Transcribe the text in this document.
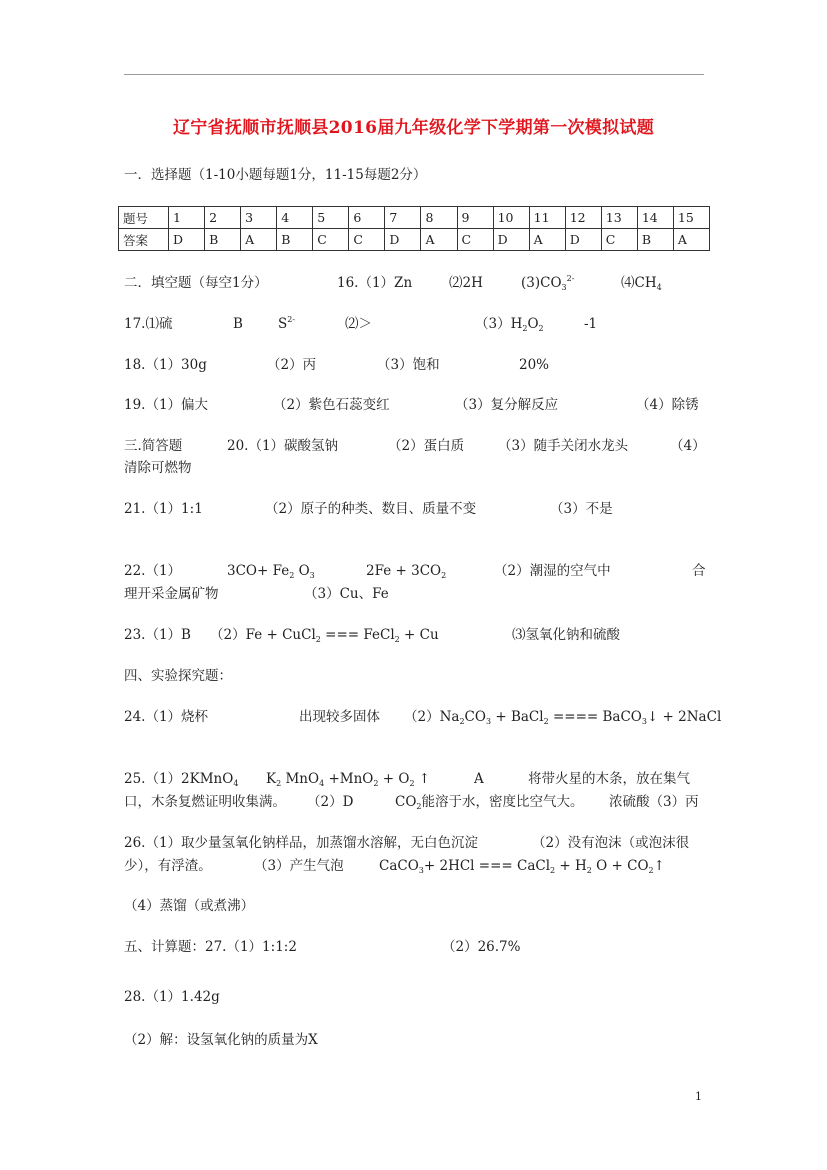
辽宁省抚顺市抚顺县2016届九年级化学下学期第一次模拟试题
一．选择题（1-10小题每题1分，11-15每题2分）
题号	1	2	3	4	5	6	7	8	9	10	11	12	13	14	15
答案	D	B	A	B	C	C	D	A	C	D	A	D	C	B	A
二．填空题（每空1分）	16.（1）Zn	⑵2H	$(3)CO_3^{2-}$	$⑷CH_4$
17.⑴硫	B	$S^{2-}$	⑵＞	$(3)H_2O_2$	-1
18.（1）30g	（2）丙	（3）饱和	20%
19.（1）偏大	（2）紫色石蕊变红	（3）复分解反应	（4）除锈
三.简答题	20.（1）碳酸氢钠	（2）蛋白质	（3）随手关闭水龙头	（4）
清除可燃物
21.（1）1:1	（2）原子的种类、数目、质量不变	（3）不是
22.（1）	$3CO+ Fe_2$ $O_3$	$2Fe + 3CO_2$	（2）潮湿的空气中	合
理开采金属矿物	（3）Cu、Fe
23.（1）B （2）Fe + CuCl$_2$ === FeCl$_2$ + Cu	⑶氢氧化钠和硫酸
四、实验探究题：
24.（1）烧杯	出现较多固体 $(2)Na_2CO_3$ + BaCl$_2$ ==== BaCO$_3$↓ + 2NaCl
25.（1）2KMnO$_4$ $K_2$ $MnO_4 +MnO_2 + O_2$ ↑	A	将带火星的木条，放在集气
口，木条复燃证明收集满。 （2）D	$CO_2$能溶于水，密度比空气大。 浓硫酸（3）丙
26.（1）取少量氢氧化钠样品，加蒸馏水溶解，无白色沉淀	（2）没有泡沫（或泡沫很
少），有浮渣。	（3）产生气泡	CaCO$_3$+ 2HCl === CaCl$_2$ + $H_2$ $O + CO_2↑$
（4）蒸馏（或煮沸）
五、计算题：27.（1）1:1:2	（2）26.7%
28.（1）1.42g
（2）解：设氢氧化钠的质量为X
1
